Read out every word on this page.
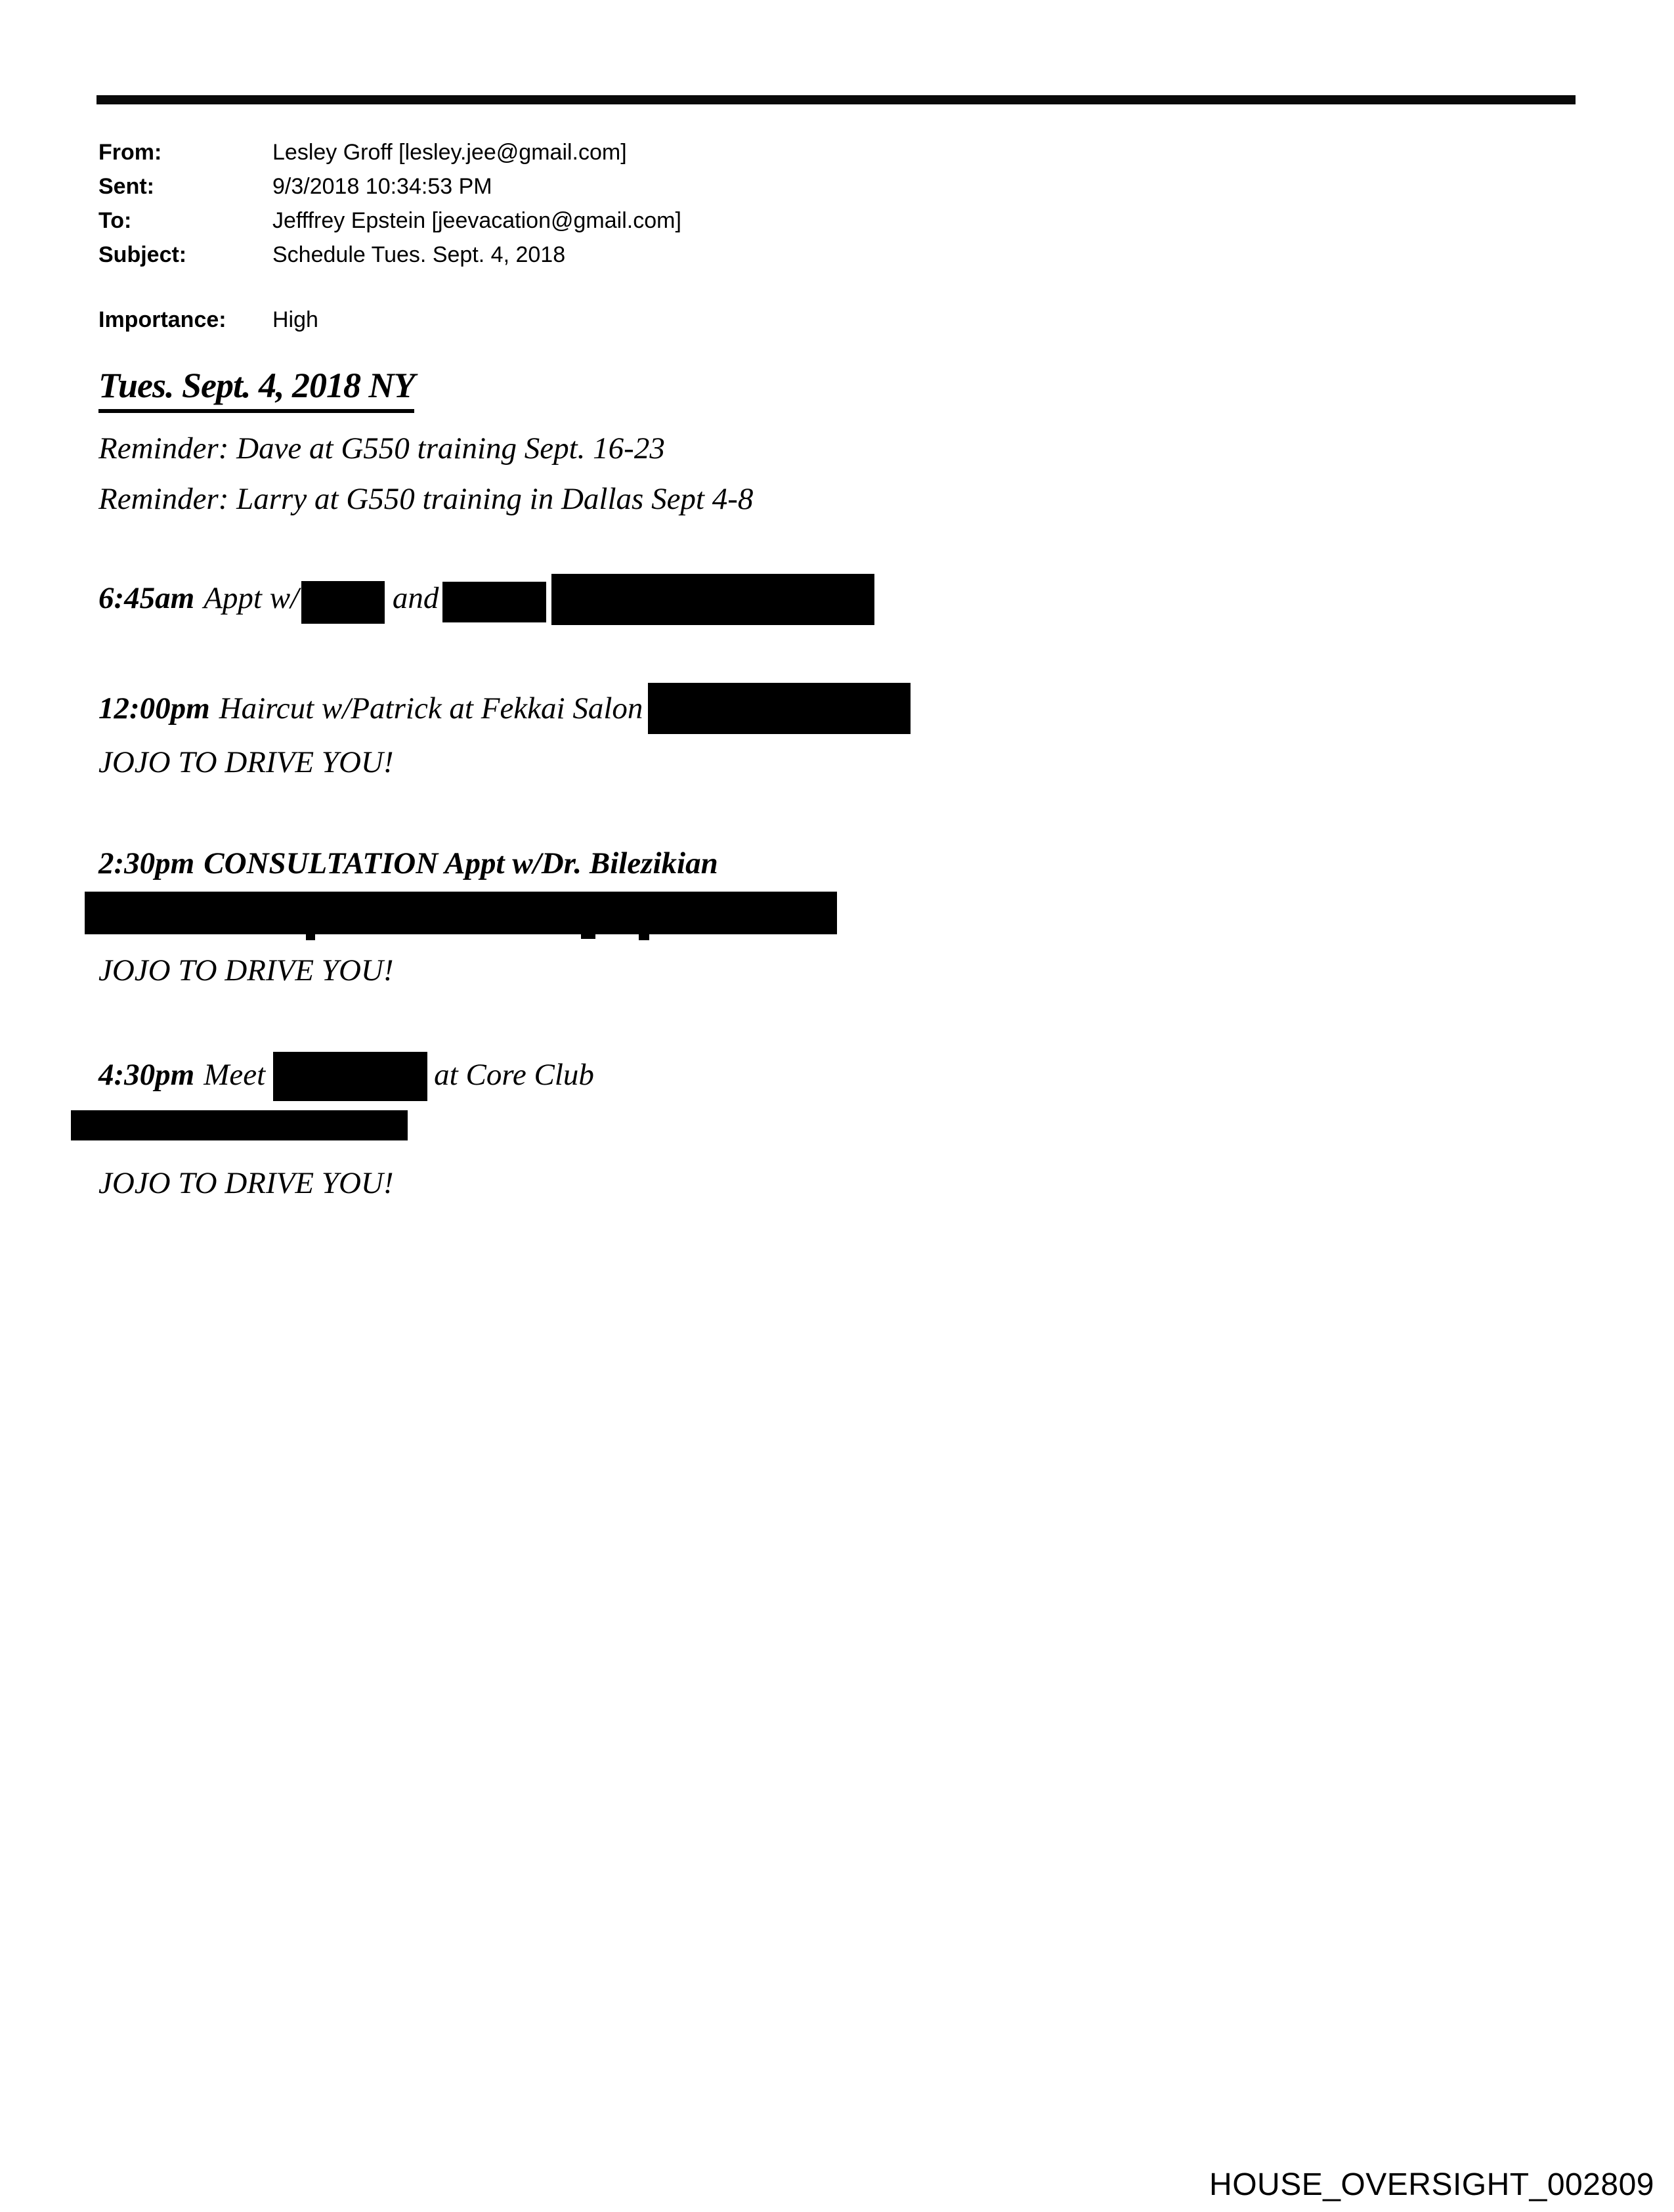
From:	Lesley Groff [lesley.jee@gmail.com]
Sent:	9/3/2018 10:34:53 PM
To:	Jefffrey Epstein [jeevacation@gmail.com]
Subject:	Schedule Tues. Sept. 4, 2018
Importance:	High
Tues. Sept. 4, 2018 NY
Reminder: Dave at G550 training Sept. 16-23
Reminder: Larry at G550 training in Dallas Sept 4-8
6:45am Appt w/	and
12:00pm Haircut w/Patrick at Fekkai Salon
JOJO TO DRIVE YOU!
2:30pm CONSULTATION Appt w/Dr. Bilezikian
JOJO TO DRIVE YOU!
4:30pm Meet	at Core Club
JOJO TO DRIVE YOU!
HOUSE_OVERSIGHT_002809
